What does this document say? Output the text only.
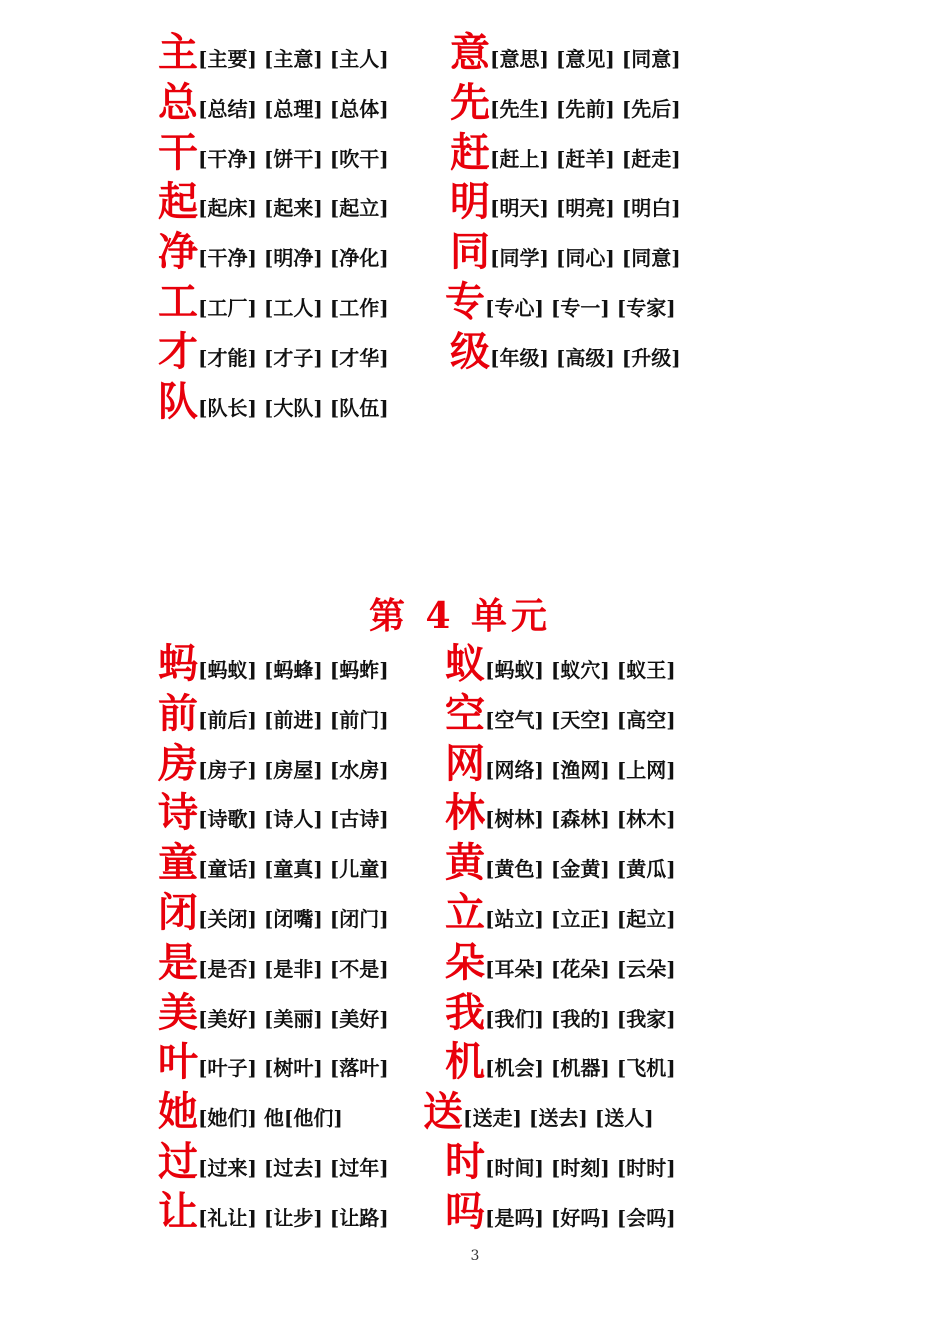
主 [主要] [主意] [主人]
总 [总结] [总理] [总体]
干 [干净] [饼干] [吹干]
起 [起床] [起来] [起立]
净 [干净] [明净] [净化]
工 [工厂] [工人] [工作]
才 [才能] [才子] [才华]
队 [队长] [大队] [队伍]
意 [意思] [意见] [同意]
先 [先生] [先前] [先后]
赶 [赶上] [赶羊] [赶走]
明 [明天] [明亮] [明白]
同 [同学] [同心] [同意]
专 [专心] [专一] [专家]
级 [年级] [高级] [升级]
第 4 单元
蚂 [蚂蚁] [蚂蜂] [蚂蚱]
前 [前后] [前进] [前门]
房 [房子] [房屋] [水房]
诗 [诗歌] [诗人] [古诗]
童 [童话] [童真] [儿童]
闭 [关闭] [闭嘴] [闭门]
是 [是否] [是非] [不是]
美 [美好] [美丽] [美好]
叶 [叶子] [树叶] [落叶]
她 [她们] 他[他们]
过 [过来] [过去] [过年]
让 [礼让] [让步] [让路]
蚁 [蚂蚁] [蚁穴] [蚁王]
空 [空气] [天空] [高空]
网 [网络] [渔网] [上网]
林 [树林] [森林] [林木]
黄 [黄色] [金黄] [黄瓜]
立 [站立] [立正] [起立]
朵 [耳朵] [花朵] [云朵]
我 [我们] [我的] [我家]
机 [机会] [机器] [飞机]
送 [送走] [送去] [送人]
时 [时间] [时刻] [时时]
吗 [是吗] [好吗] [会吗]
3
